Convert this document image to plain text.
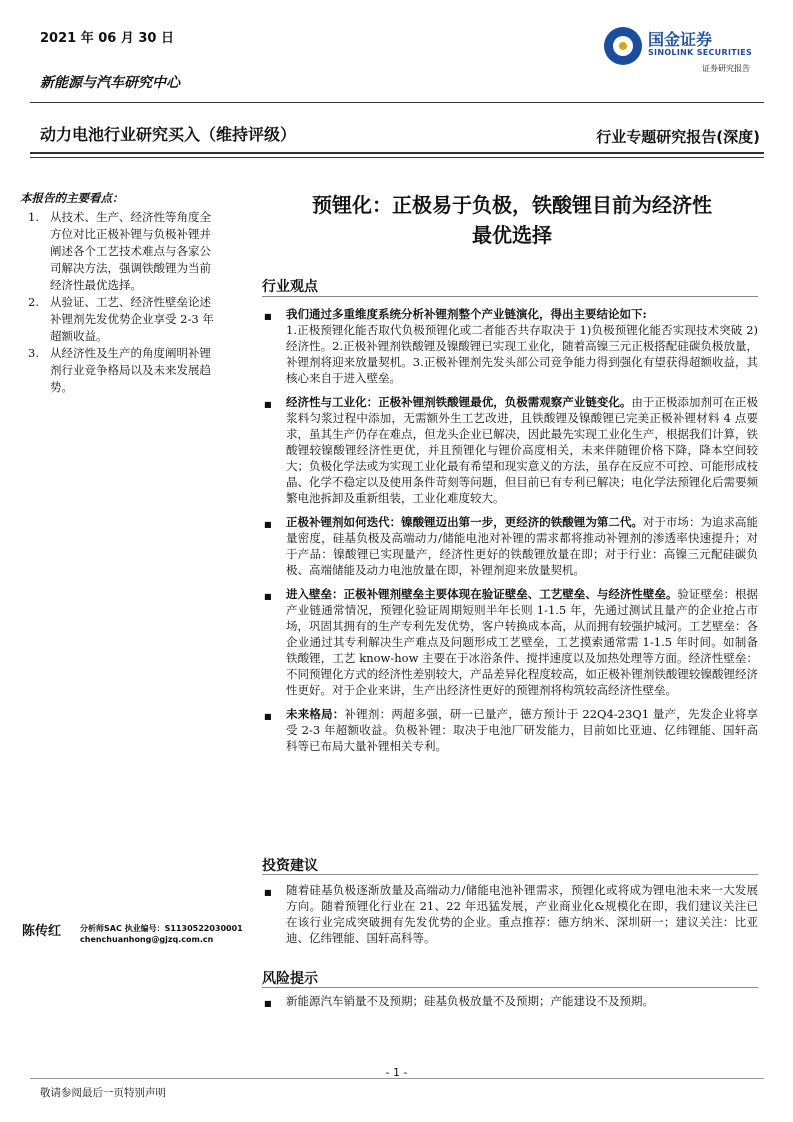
2021 年 06 月 30 日
新能源与汽车研究中心
国金证券
SINOLINK SECURITIES
证券研究报告
动力电池行业研究买入（维持评级）	行业专题研究报告(深度)
本报告的主要看点：
1. 从技术、生产、经济性等角度全方位对比正极补锂与负极补锂并阐述各个工艺技术难点与各家公司解决方法，强调铁酸锂为当前经济性最优选择。
2. 从验证、工艺、经济性壁垒论述补锂剂先发优势企业享受 2-3 年超额收益。
3. 从经济性及生产的角度阐明补锂剂行业竞争格局以及未来发展趋势。
陈传红 分析师SAC 执业编号：S1130522030001
chenchuanhong@gjzq.com.cn
预锂化：正极易于负极，铁酸锂目前为经济性
最优选择
行业观点
■	我们通过多重维度系统分析补锂剂整个产业链演化，得出主要结论如下:
1.正极预锂化能否取代负极预锂化或二者能否共存取决于 1)负极预锂化能否实现技术突破 2)经济性。2.正极补锂剂铁酸锂及镍酸锂已实现工业化，随着高镍三元正极搭配硅碳负极放量，补锂剂将迎来放量契机。3.正极补锂剂先发头部公司竞争能力得到强化有望获得超额收益，其核心来自于进入壁垒。
■	经济性与工业化：正极补锂剂铁酸锂最优，负极需观察产业链变化。由于正极添加剂可在正极浆料匀浆过程中添加，无需额外生工艺改进，且铁酸锂及镍酸锂已完美正极补锂材料 4 点要求，虽其生产仍存在难点，但龙头企业已解决，因此最先实现工业化生产，根据我们计算，铁酸锂较镍酸锂经济性更优，并且预锂化与锂价高度相关，未来伴随锂价格下降，降本空间较大；负极化学法或为实现工业化最有希望和现实意义的方法，虽存在反应不可控、可能形成枝晶、化学不稳定以及使用条件苛刻等问题，但目前已有专利已解决；电化学法预锂化后需要频繁电池拆卸及重新组装，工业化难度较大。
■	正极补锂剂如何迭代：镍酸锂迈出第一步，更经济的铁酸锂为第二代。对于市场：为追求高能量密度，硅基负极及高端动力/储能电池对补锂的需求都将推动补锂剂的渗透率快速提升；对于产品：镍酸锂已实现量产，经济性更好的铁酸锂放量在即；对于行业：高镍三元配硅碳负极、高端储能及动力电池放量在即，补锂剂迎来放量契机。
■	进入壁垒：正极补锂剂壁垒主要体现在验证壁垒、工艺壁垒、与经济性壁垒。验证壁垒：根据产业链通常情况，预锂化验证周期短则半年长则 1-1.5 年，先通过测试且量产的企业抢占市场，巩固其拥有的生产专利先发优势，客户转换成本高，从而拥有较强护城河。工艺壁垒：各企业通过其专利解决生产难点及问题形成工艺壁垒，工艺摸索通常需 1-1.5 年时间。如制备铁酸锂，工艺 know-how 主要在于冰浴条件、搅拌速度以及加热处理等方面。经济性壁垒：不同预锂化方式的经济性差别较大，产品差异化程度较高，如正极补锂剂铁酸锂较镍酸锂经济性更好。对于企业来讲，生产出经济性更好的预锂剂将构筑较高经济性壁垒。
■	未来格局：补锂剂：两超多强，研一已量产，德方预计于 22Q4-23Q1 量产，先发企业将享受 2-3 年超额收益。负极补锂：取决于电池厂研发能力，目前如比亚迪、亿纬锂能、国轩高科等已布局大量补锂相关专利。
投资建议
■	随着硅基负极逐渐放量及高端动力/储能电池补锂需求，预锂化或将成为锂电池未来一大发展方向。随着预锂化行业在 21、22 年迅猛发展，产业商业化&规模化在即，我们建议关注已在该行业完成突破拥有先发优势的企业。重点推荐：德方纳米、深圳研一；建议关注：比亚迪、亿纬锂能、国轩高科等。
风险提示
■	新能源汽车销量不及预期；硅基负极放量不及预期；产能建设不及预期。
- 1 -
敬请参阅最后一页特别声明
